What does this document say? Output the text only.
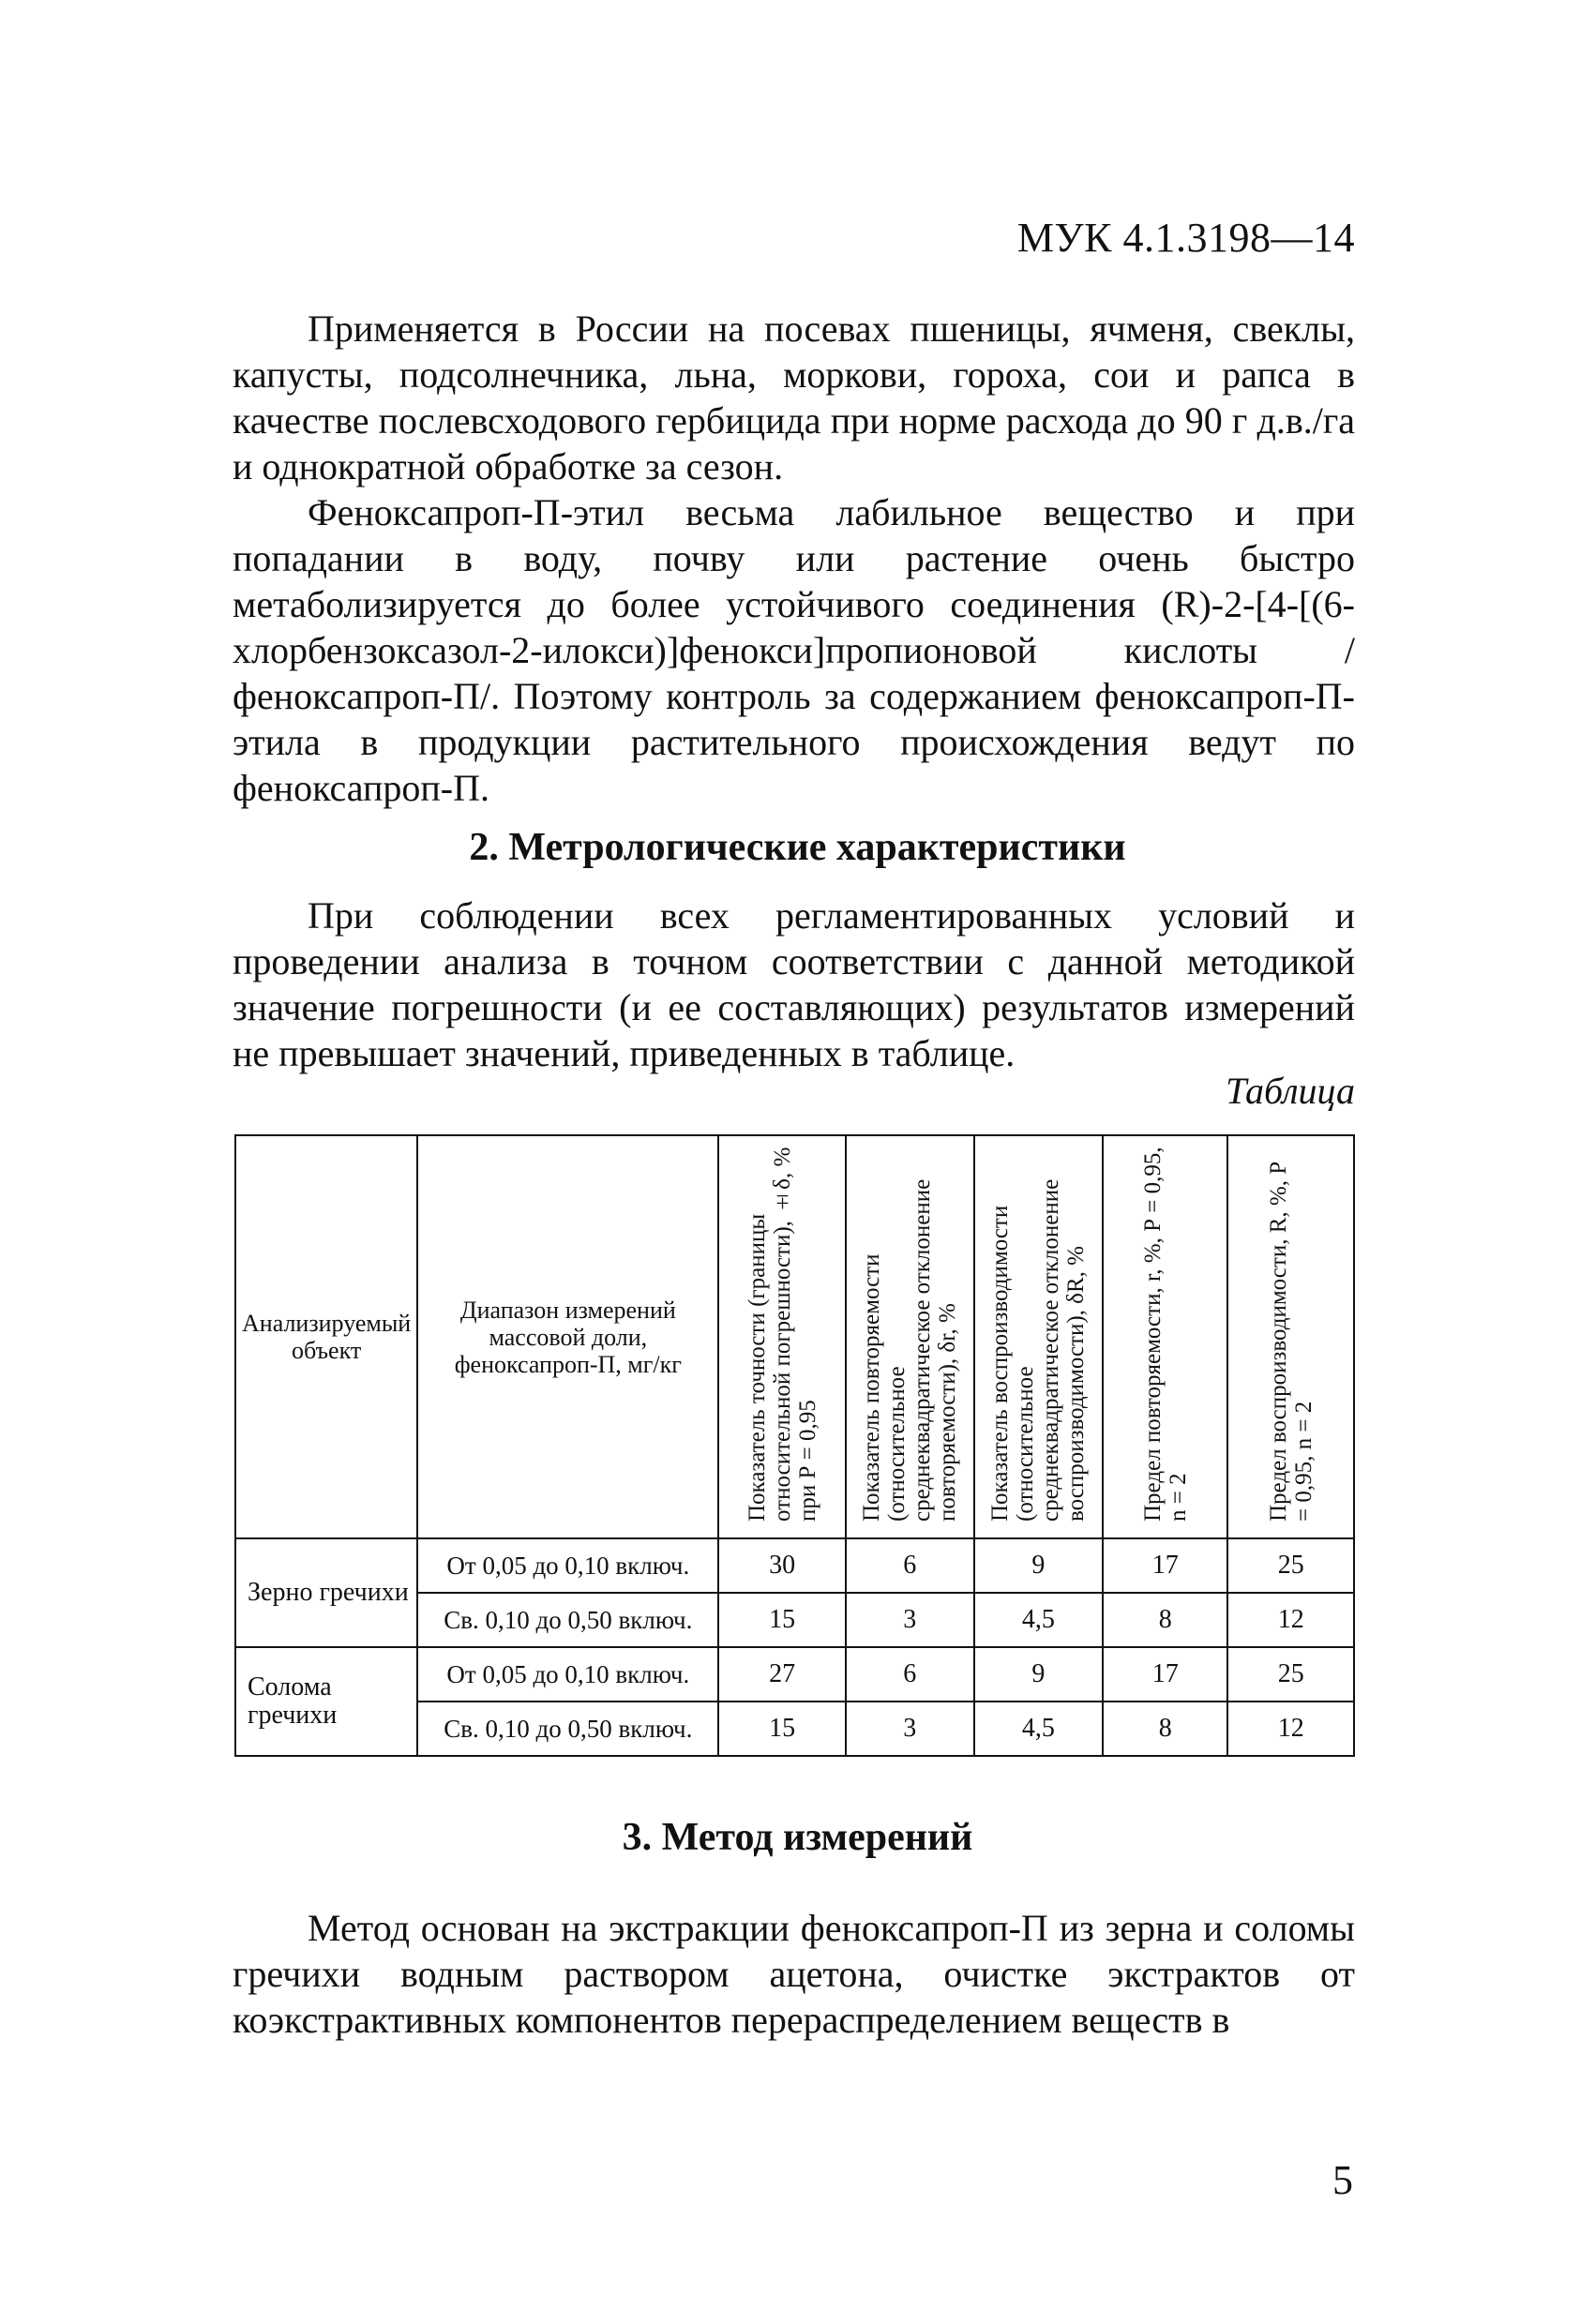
МУК 4.1.3198—14

Применяется в России на посевах пшеницы, ячменя, свеклы, капусты, подсолнечника, льна, моркови, гороха, сои и рапса в качестве послевсходового гербицида при норме расхода до 90 г д.в./га и однократной обработке за сезон.

Феноксапроп-П-этил весьма лабильное вещество и при попадании в воду, почву или растение очень быстро метаболизируется до более устойчивого соединения (R)-2-[4-[(6-хлорбензоксазол-2-илокси)]фенокси]пропионовой кислоты /феноксапроп-П/. Поэтому контроль за содержанием феноксапроп-П-этила в продукции растительного происхождения ведут по феноксапроп-П.

2. Метрологические характеристики

При соблюдении всех регламентированных условий и проведении анализа в точном соответствии с данной методикой значение погрешности (и ее составляющих) результатов измерений не превышает значений, приведенных в таблице.

Таблица
Анализируемый объект	Диапазон измерений массовой доли, феноксапроп-П, мг/кг	Показатель точности (границы относительной погрешности), ±δ, % при Р = 0,95	Показатель повторяемости (относительное среднеквадратическое отклонение повторяемости), δr, %	Показатель воспроизводимости (относительное среднеквадратическое отклонение воспроизводимости), δR, %	Предел повторяемости, r, %, Р = 0,95, n = 2	Предел воспроизводимости, R, %, Р = 0,95, n = 2
Зерно гречихи	От 0,05 до 0,10 включ.	30	6	9	17	25
	Св. 0,10 до 0,50 включ.	15	3	4,5	8	12
Солома гречихи	От 0,05 до 0,10 включ.	27	6	9	17	25
	Св. 0,10 до 0,50 включ.	15	3	4,5	8	12
3. Метод измерений

Метод основан на экстракции феноксапроп-П из зерна и соломы гречихи водным раствором ацетона, очистке экстрактов от коэкстрактивных компонентов перераспределением веществ в

5
